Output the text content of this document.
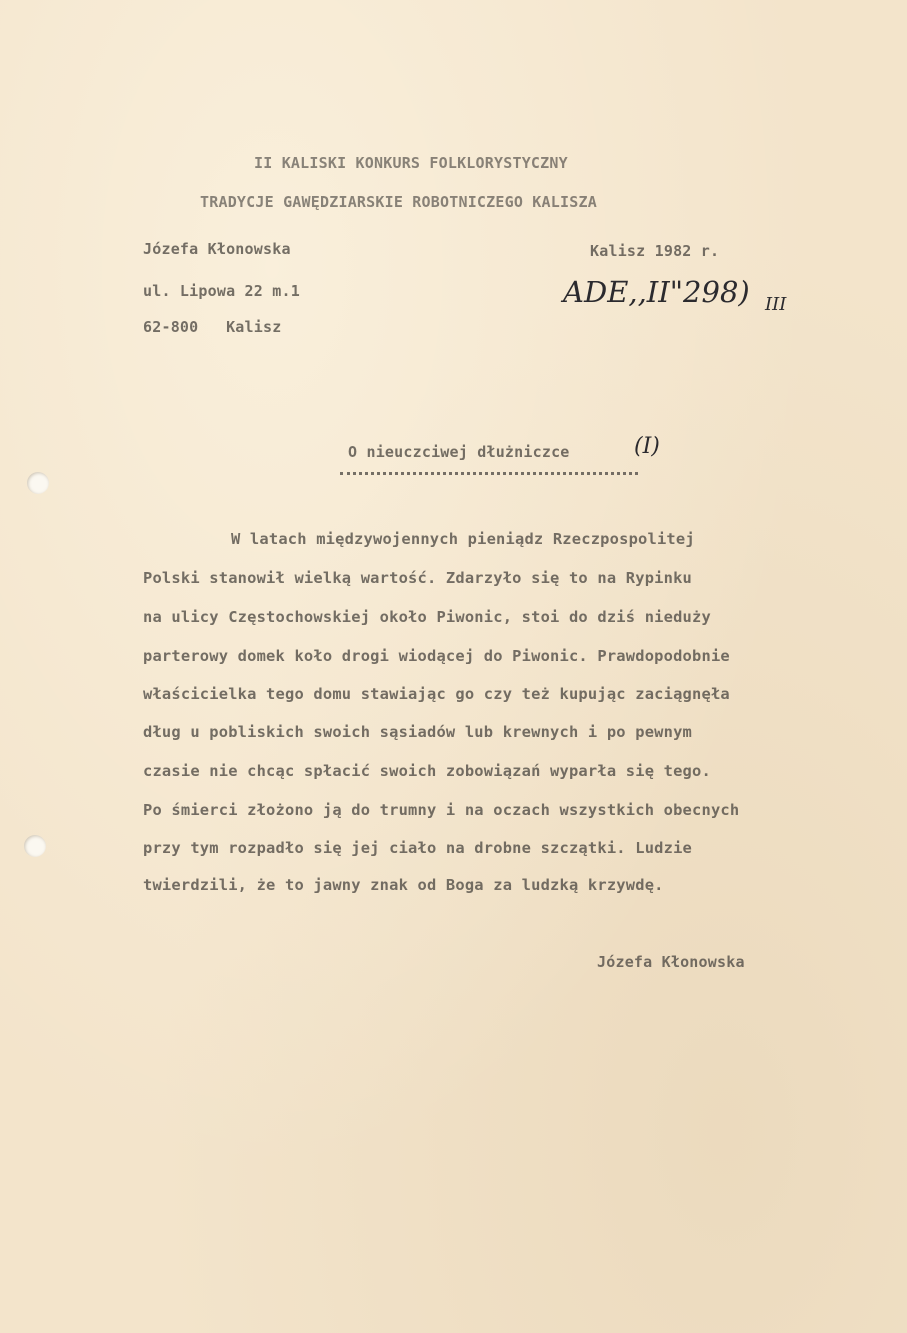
II KALISKI KONKURS FOLKLORYSTYCZNY
TRADYCJE GAWĘDZIARSKIE ROBOTNICZEGO KALISZA
Józefa Kłonowska
ul. Lipowa 22 m.1
62-800   Kalisz
Kalisz 1982 r.
ADE,,II"298) III
O nieuczciwej dłużniczce	(I)
W latach międzywojennych pieniądz Rzeczpospolitej
Polski stanowił wielką wartość. Zdarzyło się to na Rypinku
na ulicy Częstochowskiej około Piwonic, stoi do dziś nieduży
parterowy domek koło drogi wiodącej do Piwonic. Prawdopodobnie
właścicielka tego domu stawiając go czy też kupując zaciągnęła
dług u pobliskich swoich sąsiadów lub krewnych i po pewnym
czasie nie chcąc spłacić swoich zobowiązań wyparła się tego.
Po śmierci złożono ją do trumny i na oczach wszystkich obecnych
przy tym rozpadło się jej ciało na drobne szczątki. Ludzie
twierdzili, że to jawny znak od Boga za ludzką krzywdę.
Józefa Kłonowska
